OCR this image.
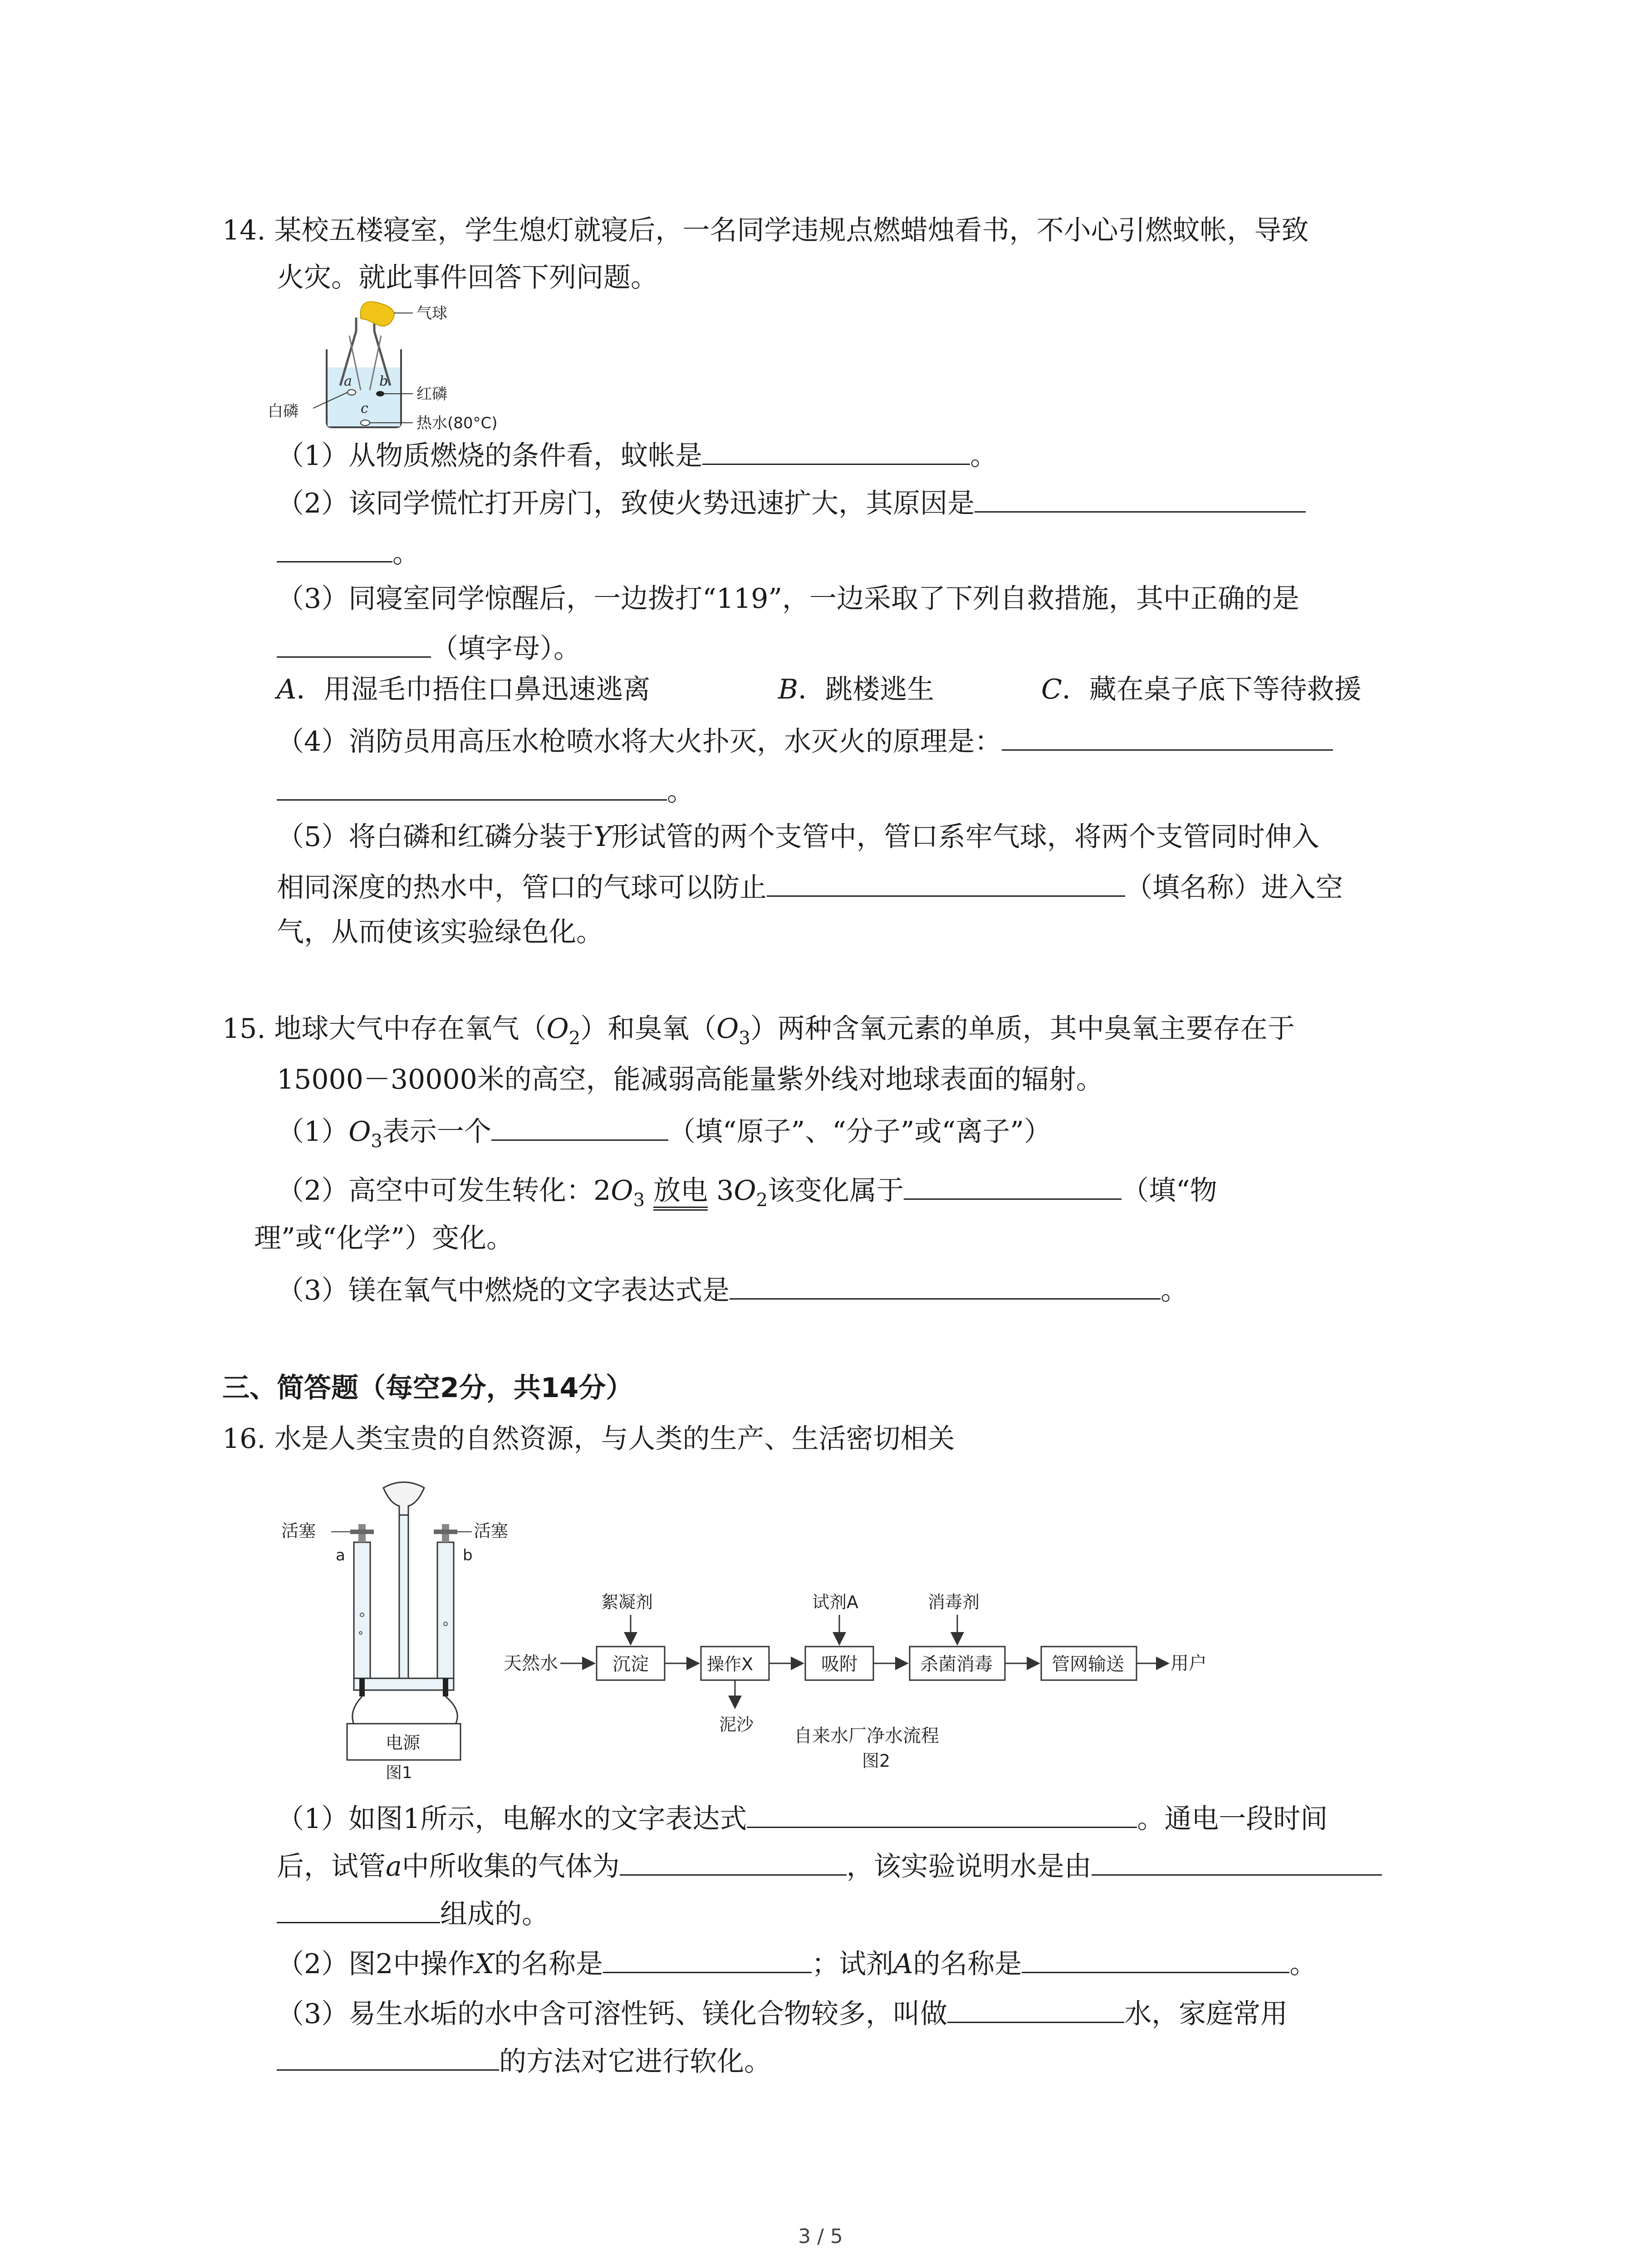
14. 某校五楼寝室，学生熄灯就寝后，一名同学违规点燃蜡烛看书，不小心引燃蚊帐，导致
火灾。就此事件回答下列问题。
a b
c
气球
红磷
白磷
热水(80°C)
（1）从物质燃烧的条件看，蚊帐是	。
（2）该同学慌忙打开房门，致使火势迅速扩大，其原因是
。
（3）同寝室同学惊醒后，一边拨打“119”，一边采取了下列自救措施，其中正确的是
（填字母）。
A．用湿毛巾捂住口鼻迅速逃离	B．跳楼逃生	C．藏在桌子底下等待救援
（4）消防员用高压水枪喷水将大火扑灭，水灭火的原理是：
。
（5）将白磷和红磷分装于Y形试管的两个支管中，管口系牢气球，将两个支管同时伸入
相同深度的热水中，管口的气球可以防止	（填名称）进入空
气，从而使该实验绿色化。
15. 地球大气中存在氧气$(O_2)$和臭氧$(O_3)$两种含氧元素的单质，其中臭氧主要存在于
15000－30000米的高空，能减弱高能量紫外线对地球表面的辐射。
$(1)O_3$表示一个	（填“原子”、“分子”或“离子”）
（2）高空中可发生转化：$2O_3$ 放电 $3O_2$该变化属于	（填“物
理”或“化学”）变化。
（3）镁在氧气中燃烧的文字表达式是	。
三、简答题（每空2分，共14分）
16. 水是人类宝贵的自然资源，与人类的生产、生活密切相关
电源
活塞	活塞
a	b
图1
天然水	沉淀	操作X	吸附	杀菌消毒	管网输送	用户
絮凝剂	试剂A	消毒剂
泥沙
自来水厂净水流程
图2
（1）如图1所示，电解水的文字表达式	。通电一段时间
后，试管a中所收集的气体为	，该实验说明水是由
组成的。
（2）图2中操作X的名称是	；试剂A的名称是	。
（3）易生水垢的水中含可溶性钙、镁化合物较多，叫做	水，家庭常用
的方法对它进行软化。
3 / 5
